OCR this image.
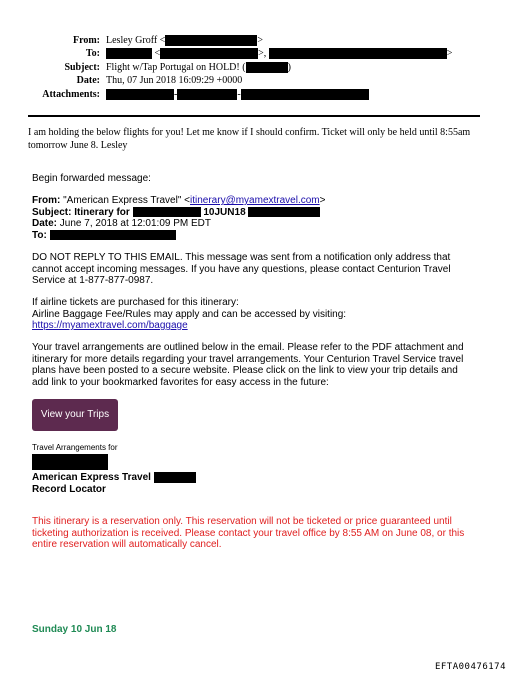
From: Lesley Groff <	>
To:	<	>,	>
Subject: Flight w/Tap Portugal on HOLD! (	)
Date: Thu, 07 Jun 2018 16:09:29 +0000
Attachments:	-	-
I am holding the below flights for you! Let me know if I should confirm. Ticket will only be held until 8:55am tomorrow June 8. Lesley
Begin forwarded message:
From: "American Express Travel" <itinerary@myamextravel.com>
Subject: Itinerary for	10JUN18
Date: June 7, 2018 at 12:01:09 PM EDT
To:
DO NOT REPLY TO THIS EMAIL. This message was sent from a notification only address that cannot accept incoming messages. If you have any questions, please contact Centurion Travel Service at 1-877-877-0987.
If airline tickets are purchased for this itinerary:
Airline Baggage Fee/Rules may apply and can be accessed by visiting:
https://myamextravel.com/baggage
Your travel arrangements are outlined below in the email. Please refer to the PDF attachment and itinerary for more details regarding your travel arrangements. Your Centurion Travel Service travel plans have been posted to a secure website. Please click on the link to view your trip details and add link to your bookmarked favorites for easy access in the future:
View your Trips
Travel Arrangements for
American Express Travel
Record Locator
This itinerary is a reservation only. This reservation will not be ticketed or price guaranteed until ticketing authorization is received. Please contact your travel office by 8:55 AM on June 08, or this entire reservation will automatically cancel.
Sunday 10 Jun 18
EFTA00476174
